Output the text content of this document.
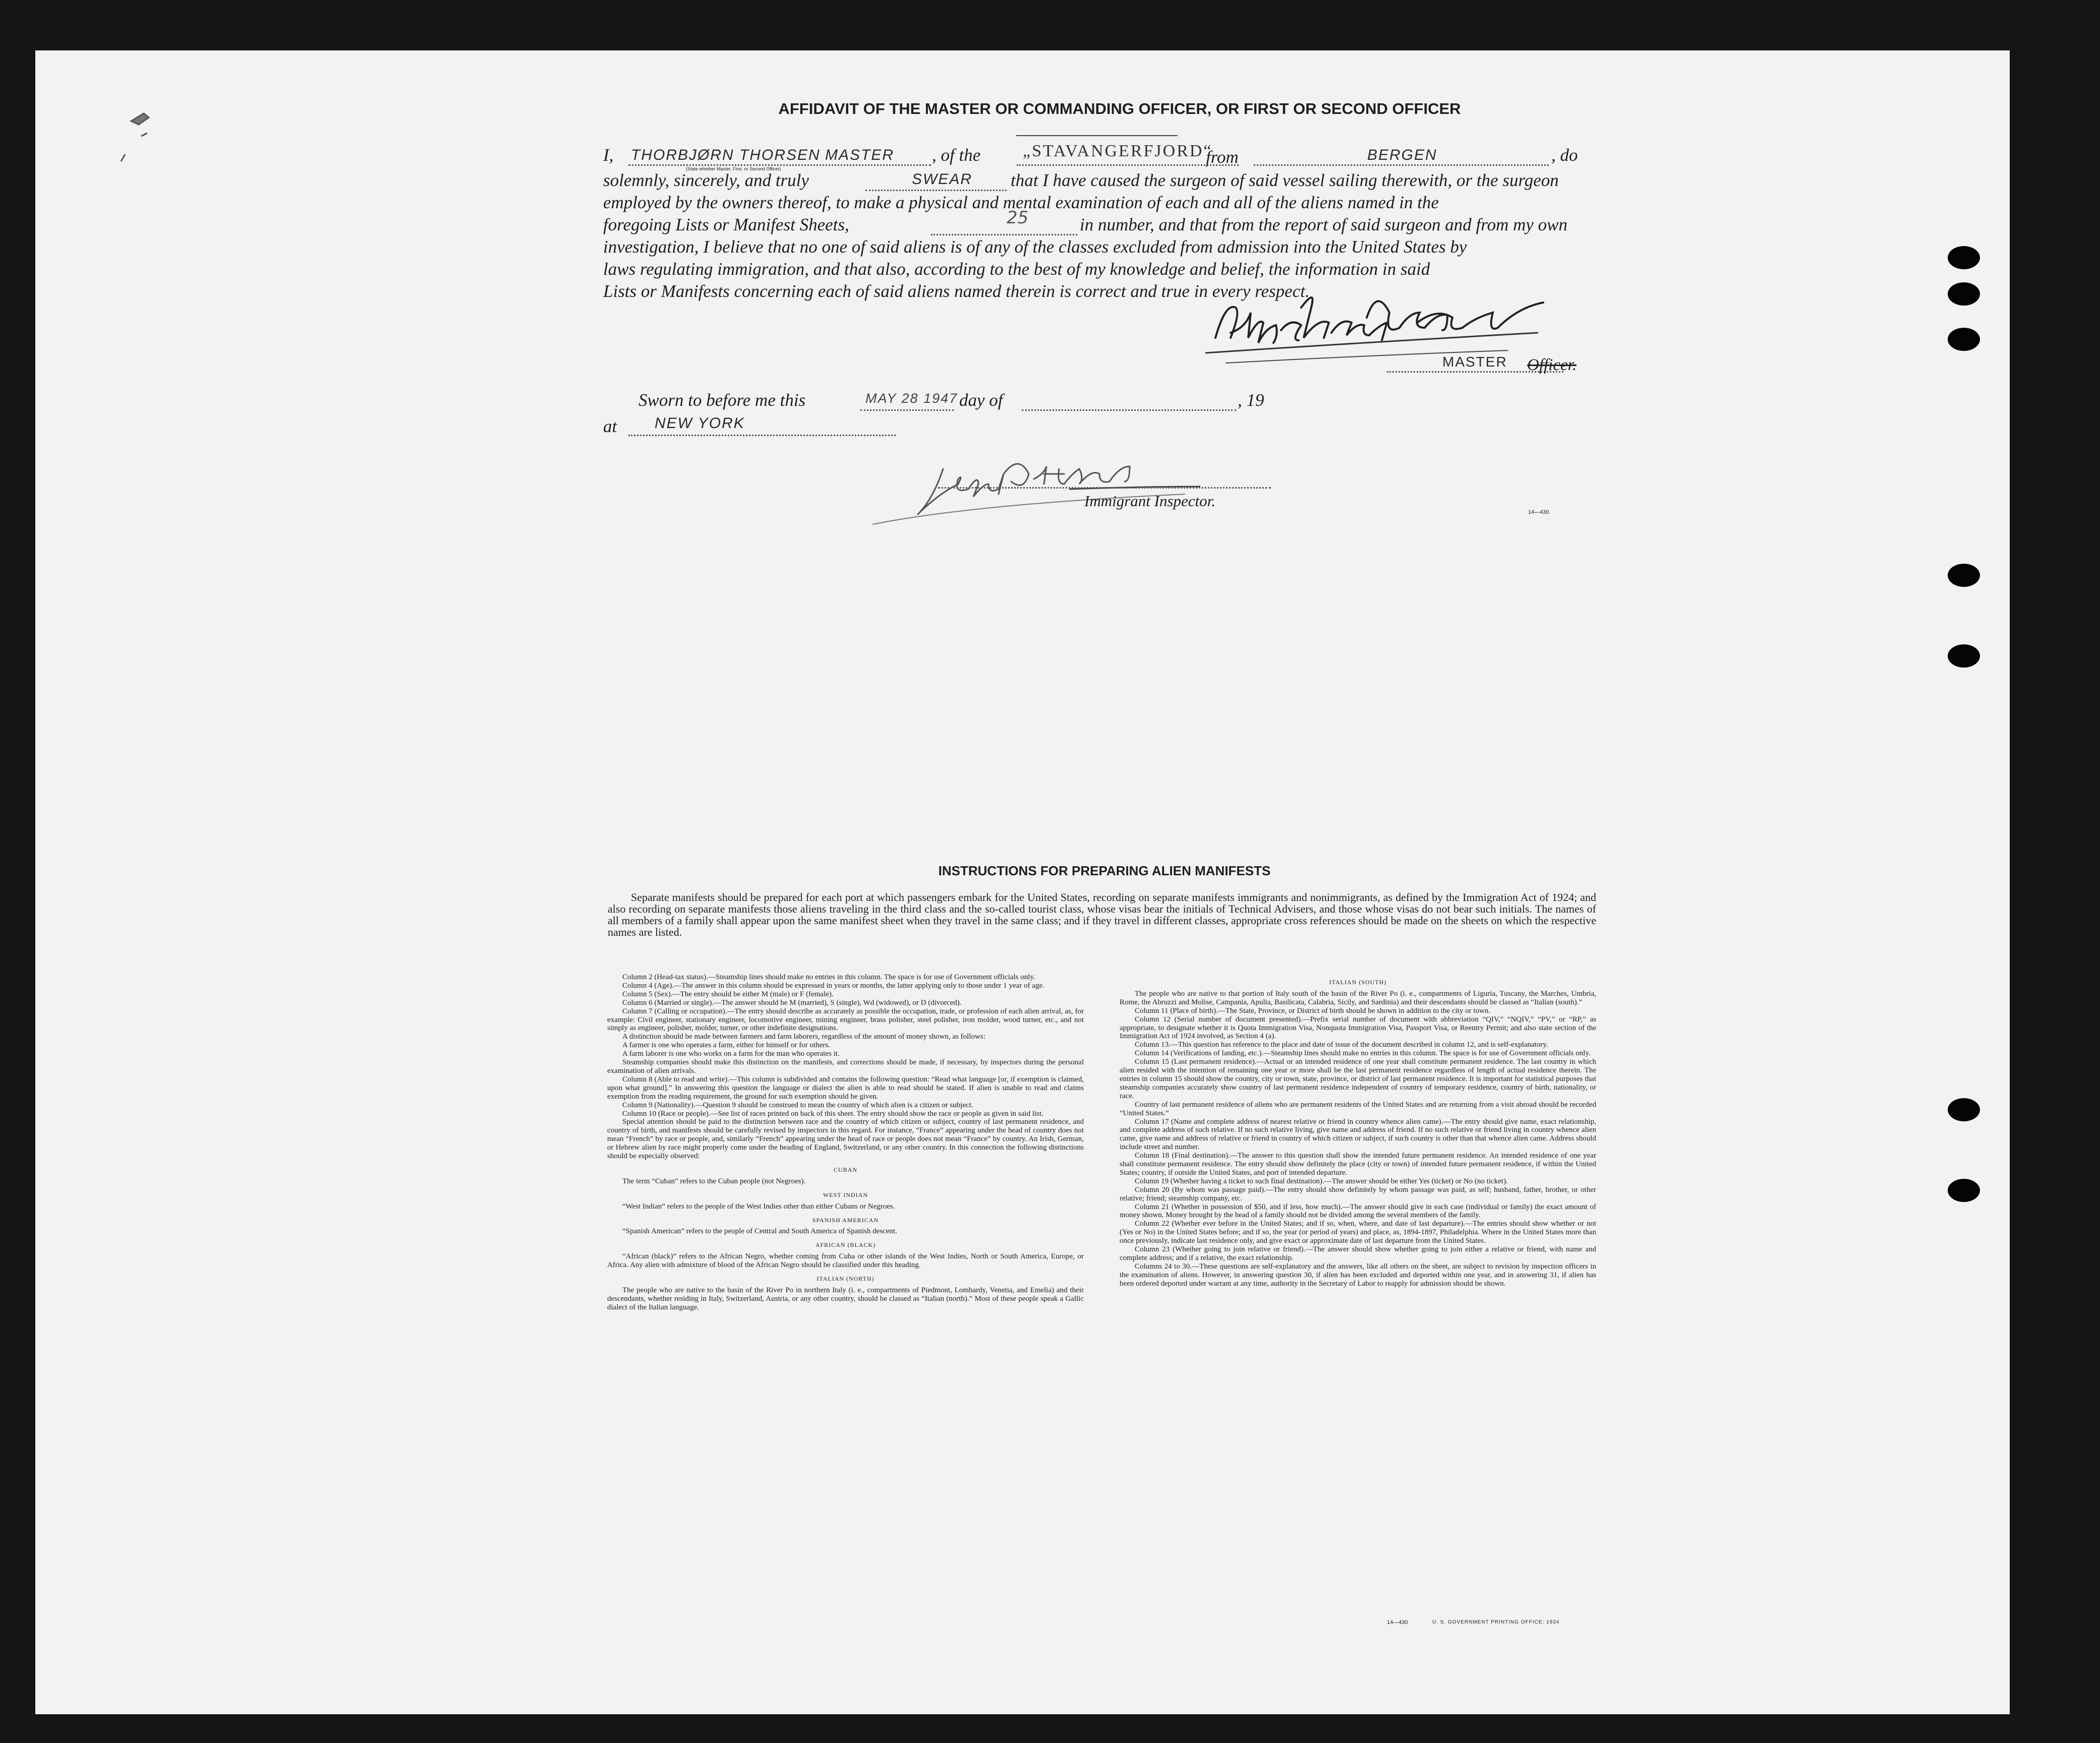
AFFIDAVIT OF THE MASTER OR COMMANDING OFFICER, OR FIRST OR SECOND OFFICER
I, THORBJØRN THORSEN MASTER , of the „STAVANGERFJORD“
from	BERGEN	, do
(State whether Master, First, or Second Officer)
solemnly, sincerely, and truly	SWEAR that I have caused the surgeon of said vessel sailing therewith, or the surgeon
employed by the owners thereof, to make a physical and mental examination of each and all of the aliens named in the
foregoing Lists or Manifest Sheets,	25	in number, and that from the report of said surgeon and from my own
investigation, I believe that no one of said aliens is of any of the classes excluded from admission into the United States by
laws regulating immigration, and that also, according to the best of my knowledge and belief, the information in said
Lists or Manifests concerning each of said aliens named therein is correct and true in every respect.
MASTER Officer.
Sworn to before me this	MAY 28 1947 day of	, 19
at NEW YORK
Immigrant Inspector.
14—430
INSTRUCTIONS FOR PREPARING ALIEN MANIFESTS
Separate manifests should be prepared for each port at which passengers embark for the United States, recording on separate manifests immigrants and nonimmigrants, as defined by the Immigration Act of 1924; and also recording on separate manifests those aliens traveling in the third class and the so-called tourist class, whose visas bear the initials of Technical Advisers, and those whose visas do not bear such initials. The names of all members of a family shall appear upon the same manifest sheet when they travel in the same class; and if they travel in different classes, appropriate cross references should be made on the sheets on which the respective names are listed.

Column 2 (Head-tax status).—Steamship lines should make no entries in this column. The space is for use of Government officials only.

Column 4 (Age).—The answer in this column should be expressed in years or months, the latter applying only to those under 1 year of age.

Column 5 (Sex).—The entry should be either M (male) or F (female).

Column 6 (Married or single).—The answer should be M (married), S (single), Wd (widowed), or D (divorced).

Column 7 (Calling or occupation).—The entry should describe as accurately as possible the occupation, trade, or profession of each alien arrival, as, for example: Civil engineer, stationary engineer, locomotive engineer, mining engineer, brass polisher, steel polisher, iron molder, wood turner, etc., and not simply as engineer, polisher, molder, turner, or other indefinite designations.

A distinction should be made between farmers and farm laborers, regardless of the amount of money shown, as follows:

A farmer is one who operates a farm, either for himself or for others.

A farm laborer is one who works on a farm for the man who operates it.

Steamship companies should make this distinction on the manifests, and corrections should be made, if necessary, by inspectors during the personal examination of alien arrivals.

Column 8 (Able to read and write).—This column is subdivided and contains the following question: “Read what language [or, if exemption is claimed, upon what ground].” In answering this question the language or dialect the alien is able to read should be stated. If alien is unable to read and claims exemption from the reading requirement, the ground for such exemption should be given.

Column 9 (Nationality).—Question 9 should be construed to mean the country of which alien is a citizen or subject.

Column 10 (Race or people).—See list of races printed on back of this sheet. The entry should show the race or people as given in said list.

Special attention should be paid to the distinction between race and the country of which citizen or subject, country of last permanent residence, and country of birth, and manifests should be carefully revised by inspectors in this regard. For instance, “France” appearing under the head of country does not mean “French” by race or people, and, similarly “French” appearing under the head of race or people does not mean “France” by country. An Irish, German, or Hebrew alien by race might properly come under the heading of England, Switzerland, or any other country. In this connection the following distinctions should be especially observed:

CUBAN

The term “Cuban” refers to the Cuban people (not Negroes).

WEST INDIAN

“West Indian” refers to the people of the West Indies other than either Cubans or Negroes.

SPANISH AMERICAN

“Spanish American” refers to the people of Central and South America of Spanish descent.

AFRICAN (BLACK)

“African (black)” refers to the African Negro, whether coming from Cuba or other islands of the West Indies, North or South America, Europe, or Africa. Any alien with admixture of blood of the African Negro should be classified under this heading.

ITALIAN (NORTH)

The people who are native to the basin of the River Po in northern Italy (i. e., compartments of Piedmont, Lombardy, Venetia, and Emelia) and their descendants, whether residing in Italy, Switzerland, Austria, or any other country, should be classed as “Italian (north).” Most of these people speak a Gallic dialect of the Italian language.

ITALIAN (SOUTH)

The people who are native to that portion of Italy south of the basin of the River Po (i. e., compartments of Liguria, Tuscany, the Marches, Umbria, Rome, the Abruzzi and Molise, Campania, Apulia, Basilicata, Calabria, Sicily, and Sardinia) and their descendants should be classed as “Italian (south).”

Column 11 (Place of birth).—The State, Province, or District of birth should be shown in addition to the city or town.

Column 12 (Serial number of document presented).—Prefix serial number of document with abbreviation “QIV,” “NQIV,” “PV,” or “RP,” as appropriate, to designate whether it is Quota Immigration Visa, Nonquota Immigration Visa, Passport Visa, or Reentry Permit; and also state section of the Immigration Act of 1924 involved, as Section 4 (a).

Column 13.—This question has reference to the place and date of issue of the document described in column 12, and is self-explanatory.

Column 14 (Verifications of landing, etc.).—Steamship lines should make no entries in this column. The space is for use of Government officials only.

Column 15 (Last permanent residence).—Actual or an intended residence of one year shall constitute permanent residence. The last country in which alien resided with the intention of remaining one year or more shall be the last permanent residence regardless of length of actual residence therein. The entries in column 15 should show the country, city or town, state, province, or district of last permanent residence. It is important for statistical purposes that steamship companies accurately show country of last permanent residence independent of country of temporary residence, country of birth, nationality, or race.

Country of last permanent residence of aliens who are permanent residents of the United States and are returning from a visit abroad should be recorded “United States.”

Column 17 (Name and complete address of nearest relative or friend in country whence alien came).—The entry should give name, exact relationship, and complete address of such relative. If no such relative living, give name and address of friend. If no such relative or friend living in country whence alien came, give name and address of relative or friend in country of which citizen or subject, if such country is other than that whence alien came. Address should include street and number.

Column 18 (Final destination).—The answer to this question shall show the intended future permanent residence. An intended residence of one year shall constitute permanent residence. The entry should show definitely the place (city or town) of intended future permanent residence, if within the United States; country, if outside the United States, and port of intended departure.

Column 19 (Whether having a ticket to such final destination).—The answer should be either Yes (ticket) or No (no ticket).

Column 20 (By whom was passage paid).—The entry should show definitely by whom passage was paid, as self; husband, father, brother, or other relative; friend; steamship company, etc.

Column 21 (Whether in possession of $50, and if less, how much).—The answer should give in each case (individual or family) the exact amount of money shown. Money brought by the head of a family should not be divided among the several members of the family.

Column 22 (Whether ever before in the United States; and if so, when, where, and date of last departure).—The entries should show whether or not (Yes or No) in the United States before; and if so, the year (or period of years) and place, as, 1894-1897, Philadelphia. Where in the United States more than once previously, indicate last residence only, and give exact or approximate date of last departure from the United States.

Column 23 (Whether going to join relative or friend).—The answer should show whether going to join either a relative or friend, with name and complete address; and if a relative, the exact relationship.

Columns 24 to 30.—These questions are self-explanatory and the answers, like all others on the sheet, are subject to revision by inspection officers in the examination of aliens. However, in answering question 30, if alien has been excluded and deported within one year, and in answering 31, if alien has been ordered deported under warrant at any time, authority in the Secretary of Labor to reapply for admission should be shown.

14—430	U. S. GOVERNMENT PRINTING OFFICE: 1934
